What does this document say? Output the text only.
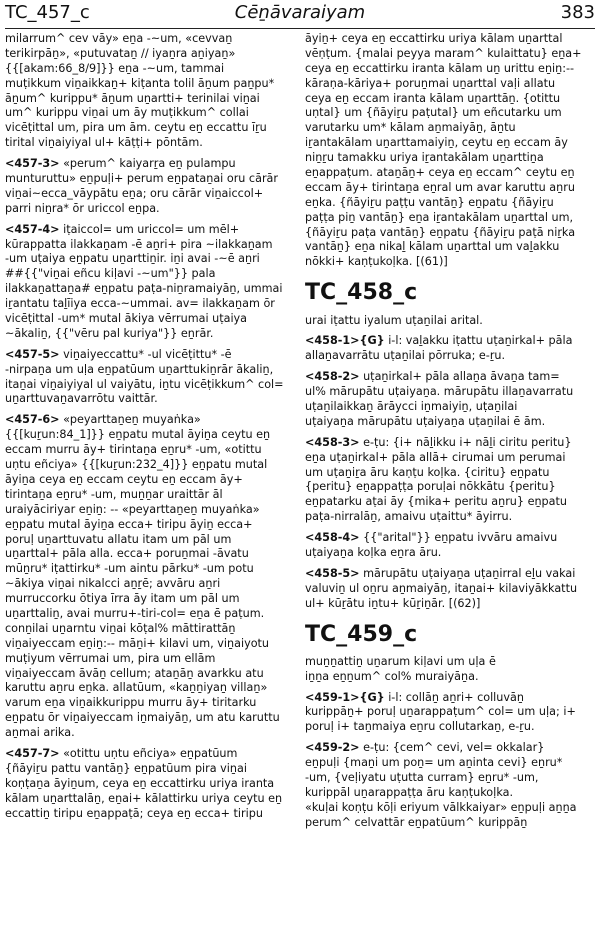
TC_457_c	Cēṉāvaraiyam	383

milarrum^ cev vāy» eṉa -~um, «cevvaṉ
terikirpāṉ», «putuvataṉ // iyaṉra aṉiyaṉ»
{{[akam:66_8/9]}} eṉa -~um, tammai
muṭikkum viṉaikkaṉ+ kiṭanta tolil āṉum paṉpu*
āṉum^ kurippu* āṉum uṉartti+ terinilai viṉai
um^ kurippu viṉai um āy muṭikkum^ collai
vicēṭittal um, pira um ām. ceytu eṉ eccattu īṟu
tirital viṉaiyiyal ul+ kāṭṭi+ pōntām.

<457-3> «perum^ kaiyarṟa eṉ pulampu
munturuttu» eṉpuḷi+ perum eṉpataṉai oru cārār
viṉai~ecca_vāypātu eṉa; oru cārār viṉaiccol+
parri niṉra* ōr uriccol eṉpa.

<457-4> iṭaiccol= um uriccol= um mēl+
kūrappatta ilakkaṉam -ē aṉri+ pira ~ilakkaṉam
-um uṭaiya eṉpatu uṉarttiṉir. iṉi avai -~ē aṉri
##{{"viṉai eñcu kiḷavi -~um"}} pala
ilakkaṉattaṉa# eṉpatu paṭa-niṉramaiyāṉ, ummai
iṟantatu taḻīiya ecca-~ummai. av= ilakkaṉam ōr
vicēṭittal -um* mutal ākiya vērrumai uṭaiya
~ākaliṉ, {{"vēru pal kuriya"}} eṉrār.

<457-5> viṉaiyeccattu* -ul vicēṭittu* -ē
-nirpaṉa um uḷa eṉpatūum uṉarttukiṉrār ākaliṉ,
itaṉai viṉaiyiyal ul vaiyātu, iṉtu vicēṭikkum^ col=
uṉarttuvaṉavarrōtu vaittār.

<457-6> «peyarttaṉeṉ muyaṅka»
{{[kuṟun:84_1]}} eṉpatu mutal āyiṉa ceytu eṉ
eccam murru āy+ tirintaṉa eṉru* -um, «otittu
uṇtu eñciya» {{[kuṟun:232_4]}} eṉpatu mutal
āyiṉa ceya eṉ eccam ceytu eṉ eccam āy+
tirintaṉa eṉru* -um, muṉṉar uraittār āl
uraiyāciriyar eṉiṉ: -- «peyarttaṉeṉ muyaṅka»
eṉpatu mutal āyiṉa ecca+ tiripu āyiṉ ecca+
poruḷ uṉarttuvatu allatu itam um pāl um
uṉarttal+ pāla alla. ecca+ poruṉmai -āvatu
mūṉru* iṭattirku* -um aintu pārku* -um potu
~ākiya viṉai nikalcci aṉṟē; avvāru aṉri
murruccorku ōtiya īrra āy itam um pāl um
uṉarttaliṉ, avai murru+-tiri-col= eṉa ē paṭum.
conṉilai uṉarntu viṉai kōṭal% māttirattāṉ
viṉaiyeccam eṉiṉ:-- māṉi+ kilavi um, viṉaiyotu
muṭiyum vērrumai um, pira um ellām
viṉaiyeccam āvāṉ cellum; ataṉāṉ avarkku atu
karuttu aṉru eṉka. allatūum, «kaṉṉiyaṉ villaṉ»
varum eṉa viṉaikkurippu murru āy+ tiritarku
eṉpatu ōr viṉaiyeccam iṉmaiyāṉ, um atu karuttu
aṉmai arika.

<457-7> «otittu uṇtu eñciya» eṉpatūum
{ñāyiṟu pattu vantāṉ} eṉpatūum pira viṉai
koṇṭaṉa āyiṉum, ceya eṉ eccattirku uriya iranta
kālam uṉarttalāṉ, eṉai+ kālattirku uriya ceytu eṉ
eccattiṉ tiripu eṉappaṭā; ceya eṉ ecca+ tiripu

āyiṉ+ ceya eṉ eccattirku uriya kālam uṉarttal
vēṇṭum. {malai peyya maram^ kulaittatu} eṉa+
ceya eṉ eccattirku iranta kālam uṉ urittu eṉiṉ:--
kāraṇa-kāriya+ poruṉmai uṉarttal vaḷi allatu
ceya eṉ eccam iranta kālam uṉarttāṉ. {otittu
uṇtal} um {ñāyiṟu paṭutal} um eñcutarku um
varutarku um* kālam aṉmaiyāṉ, āṉtu
iṟantakālam uṉarttamaiyiṉ, ceytu eṉ eccam āy
niṉṟu tamakku uriya iṟantakālam uṉarttiṉa
eṉappaṭum. ataṉāṉ+ ceya eṉ eccam^ ceytu eṉ
eccam āy+ tirintaṉa eṉral um avar karuttu aṉru
eṉka. {ñāyiṟu paṭṭu vantāṉ} eṉpatu {ñāyiṟu
paṭṭa piṉ vantāṉ} eṉa iṟantakālam uṉarttal um,
{ñāyiṟu paṭa vantāṉ} eṉpatu {ñāyiṟu paṭā niṟka
vantāṉ} eṉa nikaḻ kālam uṉarttal um vaḻakku
nōkki+ kaṇṭukoḷka. [(61)]

TC_458_c

urai iṭattu iyalum uṭaṉilai arital.

<458-1>{G} i-l: vaḻakku iṭattu uṭaṉirkal+ pāla
allaṉavarrātu uṭaṉilai pōrruka; e-ṟu.

<458-2> uṭaṉirkal+ pāla allaṉa āvaṉa tam=
ul% mārupātu uṭaiyaṉa. mārupātu illaṉavarratu
uṭaṉilaikkaṉ ārāycci iṉmaiyiṉ, uṭaṉilai
uṭaiyaṉa mārupātu uṭaiyaṉa uṭaṉilai ē ām.

<458-3> e-ṭu: {i+ nāḻikku i+ nāḻi ciritu peritu}
eṉa uṭaṉirkal+ pāla allā+ cirumai um perumai
um uṭaṉiṟa āru kaṇṭu koḷka. {ciritu} eṉpatu
{peritu} eṉappaṭṭa poruḷai nōkkātu {peritu}
eṉpatarku aṭai āy {mika+ peritu aṉru} eṉpatu
paṭa-nirralāṉ, amaivu uṭaittu* āyirru.

<458-4> {{"arital"}} eṉpatu ivvāru amaivu
uṭaiyaṉa koḷka eṉra āru.

<458-5> mārupātu uṭaiyaṉa uṭaṉirral eḻu vakai
valuviṉ ul oṉru aṉmaiyāṉ, itaṉai+ kilaviyākkattu
ul+ kūṟātu iṉtu+ kūṟiṉār. [(62)]

TC_459_c

muṉṉattiṉ uṉarum kiḷavi um uḷa ē
iṉṉa eṉṉum^ col% muraiyāṉa.

<459-1>{G} i-l: collāṉ aṉri+ colluvāṉ
kurippāṉ+ poruḷ uṉarappaṭum^ col= um uḷa; i+
poruḷ i+ taṉmaiya eṉru collutarkaṉ, e-ṟu.

<459-2> e-ṭu: {cem^ cevi, vel= okkalar}
eṉpuḷi {maṉi um poṉ= um aṉinta cevi} eṉru*
-um, {veḷiyatu uṭutta curram} eṉru* -um,
kurippāl uṉarappaṭṭa āru kaṇṭukoḷka.
«kuḷai koṇṭu kōḷi eriyum vālkkaiyar» eṉpuḷi aṉṉa
perum^ celvattār eṉpatūum^ kurippāṉ
